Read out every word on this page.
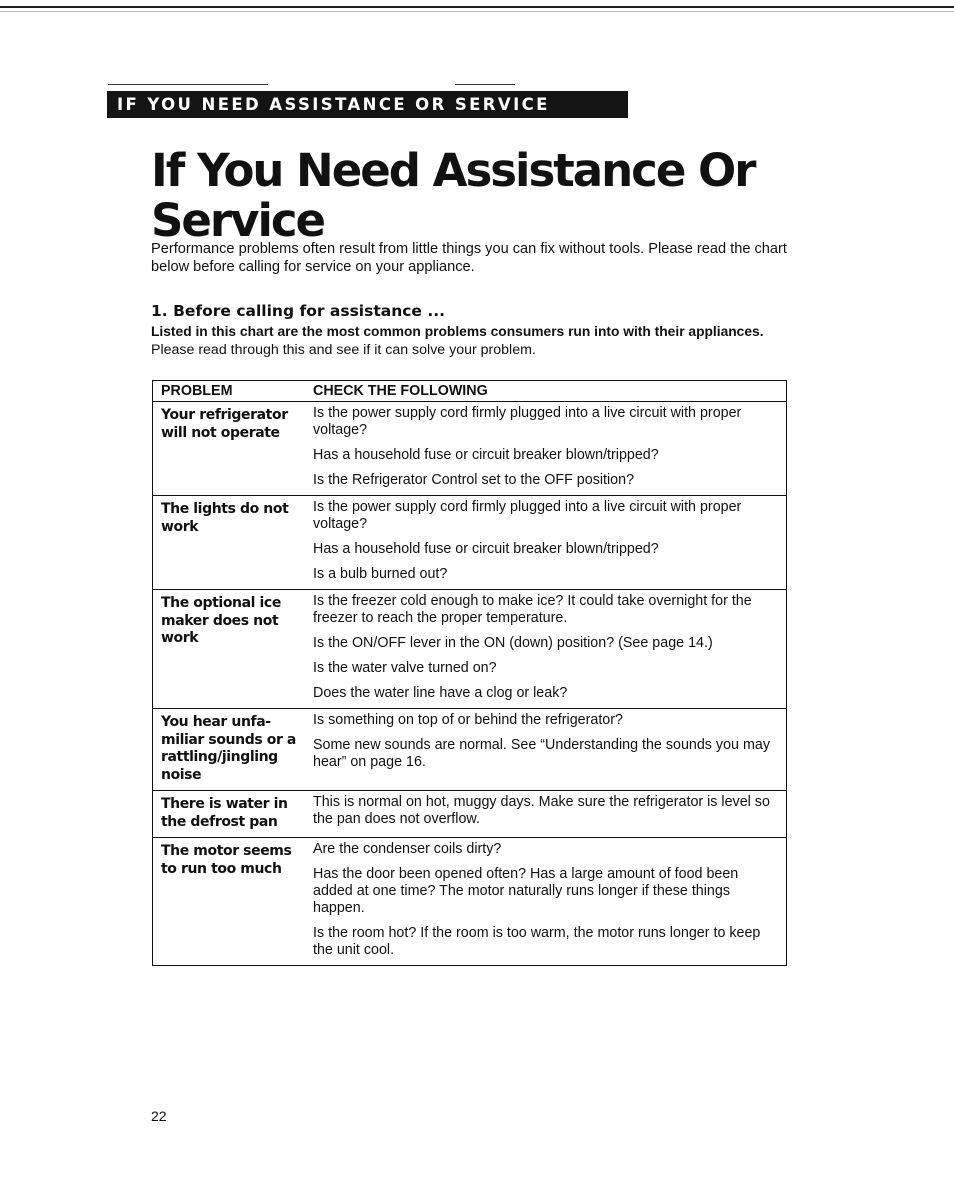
IF YOU NEED ASSISTANCE OR SERVICE
If You Need Assistance Or Service

Performance problems often result from little things you can fix without tools. Please read the chart below before calling for service on your appliance.

1. Before calling for assistance ...

Listed in this chart are the most common problems consumers run into with their appliances.
Please read through this and see if it can solve your problem.

PROBLEM	CHECK THE FOLLOWING
Your refrigerator will not operate	Is the power supply cord firmly plugged into a live circuit with proper voltage?
Has a household fuse or circuit breaker blown/tripped?
Is the Refrigerator Control set to the OFF position?

The lights do not work	Is the power supply cord firmly plugged into a live circuit with proper voltage?
Has a household fuse or circuit breaker blown/tripped?
Is a bulb burned out?

The optional ice maker does not work	Is the freezer cold enough to make ice? It could take overnight for the freezer to reach the proper temperature.
Is the ON/OFF lever in the ON (down) position? (See page 14.)
Is the water valve turned on?
Does the water line have a clog or leak?

You hear unfa- miliar sounds or a rattling/jingling noise	Is something on top of or behind the refrigerator?
Some new sounds are normal. See “Understanding the sounds you may hear” on page 16.

There is water in the defrost pan	This is normal on hot, muggy days. Make sure the refrigerator is level so the pan does not overflow.

The motor seems to run too much	Are the condenser coils dirty?
Has the door been opened often? Has a large amount of food been added at one time? The motor naturally runs longer if these things happen.
Is the room hot? If the room is too warm, the motor runs longer to keep the unit cool.
22
